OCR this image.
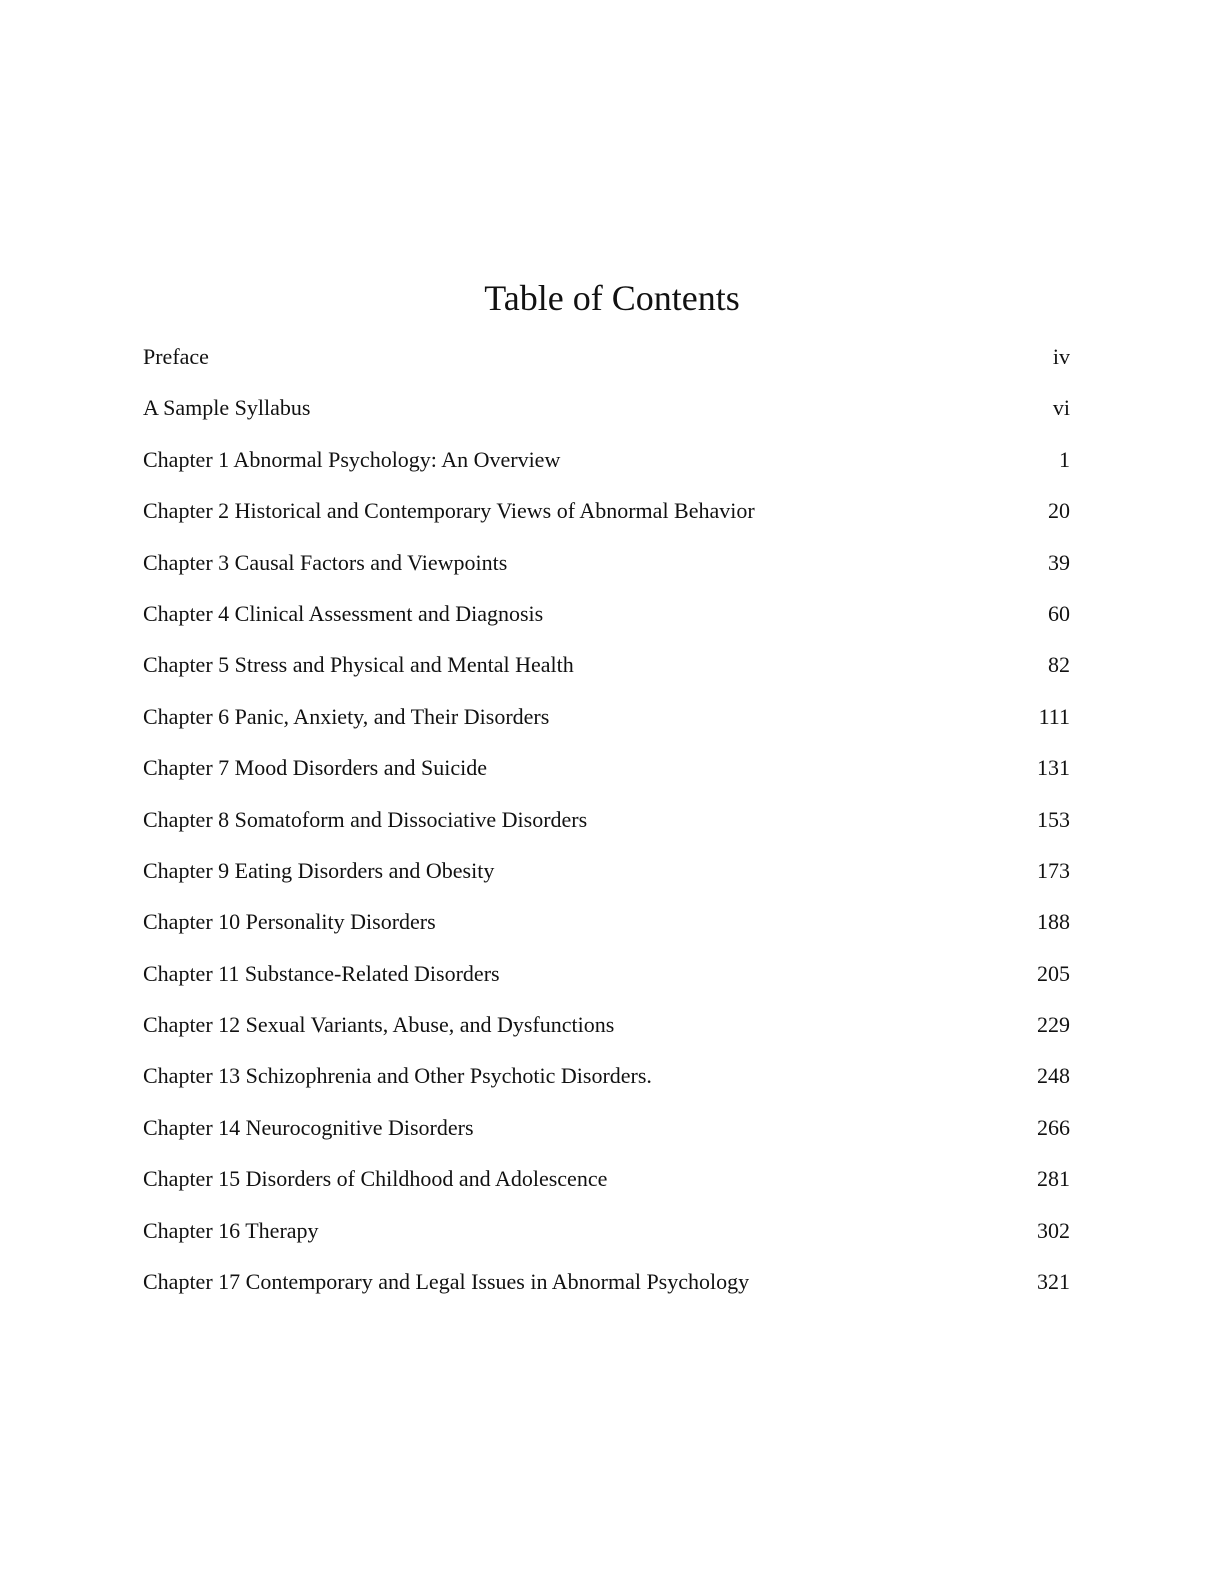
Table of Contents
Preface	iv
A Sample Syllabus	vi
Chapter 1 Abnormal Psychology: An Overview	1
Chapter 2 Historical and Contemporary Views of Abnormal Behavior	20
Chapter 3 Causal Factors and Viewpoints	39
Chapter 4 Clinical Assessment and Diagnosis	60
Chapter 5 Stress and Physical and Mental Health	82
Chapter 6 Panic, Anxiety, and Their Disorders	111
Chapter 7 Mood Disorders and Suicide	131
Chapter 8 Somatoform and Dissociative Disorders	153
Chapter 9 Eating Disorders and Obesity	173
Chapter 10 Personality Disorders	188
Chapter 11 Substance-Related Disorders	205
Chapter 12 Sexual Variants, Abuse, and Dysfunctions	229
Chapter 13 Schizophrenia and Other Psychotic Disorders.	248
Chapter 14 Neurocognitive Disorders	266
Chapter 15 Disorders of Childhood and Adolescence	281
Chapter 16 Therapy	302
Chapter 17 Contemporary and Legal Issues in Abnormal Psychology	321
